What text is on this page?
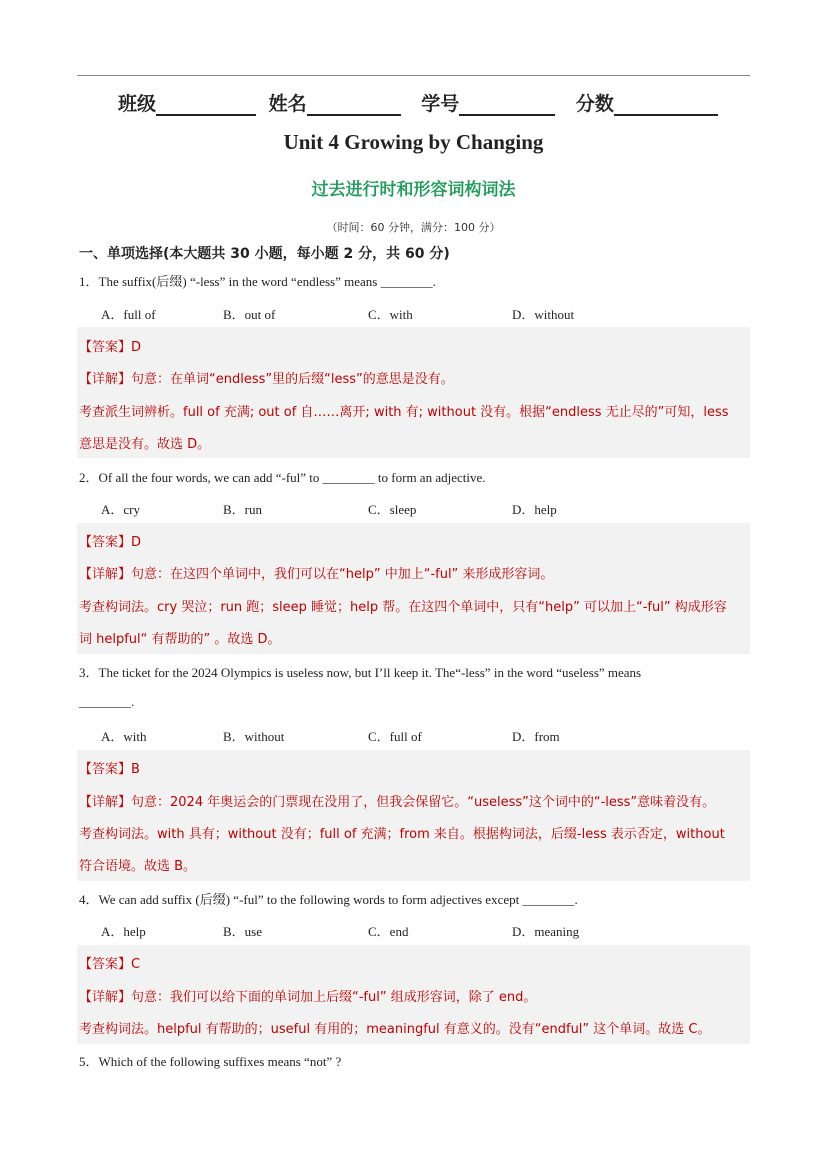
班级	姓名	学号	分数
Unit 4 Growing by Changing
过去进行时和形容词构词法
（时间：60 分钟，满分：100 分）
一、单项选择(本大题共 30 小题，每小题 2 分，共 60 分)
1．The suffix(后缀) “-less” in the word “endless” means ________.
A．full of	B．out of	C．with	D．without
【答案】D
【详解】句意：在单词“endless”里的后缀“less”的意思是没有。
考查派生词辨析。full of 充满; out of 自……离开; with 有; without 没有。根据“endless 无止尽的”可知，less
意思是没有。故选 D。
2．Of all the four words, we can add “-ful” to ________ to form an adjective.
A．cry	B．run	C．sleep	D．help
【答案】D
【详解】句意：在这四个单词中，我们可以在“help” 中加上“-ful” 来形成形容词。
考查构词法。cry 哭泣；run 跑；sleep 睡觉；help 帮。在这四个单词中，只有“help” 可以加上“-ful” 构成形容
词 helpful“ 有帮助的” 。故选 D。
3．The ticket for the 2024 Olympics is useless now, but I’ll keep it. The“-less” in the word “useless” means
________.
A．with	B．without	C．full of	D．from
【答案】B
【详解】句意：2024 年奥运会的门票现在没用了，但我会保留它。“useless”这个词中的“-less”意味着没有。
考查构词法。with 具有；without 没有；full of 充满；from 来自。根据构词法，后缀-less 表示否定，without
符合语境。故选 B。
4．We can add suffix (后缀) “-ful” to the following words to form adjectives except ________.
A．help	B．use	C．end	D．meaning
【答案】C
【详解】句意：我们可以给下面的单词加上后缀“-ful” 组成形容词，除了 end。
考查构词法。helpful 有帮助的；useful 有用的；meaningful 有意义的。没有“endful” 这个单词。故选 C。
5．Which of the following suffixes means “not” ?
